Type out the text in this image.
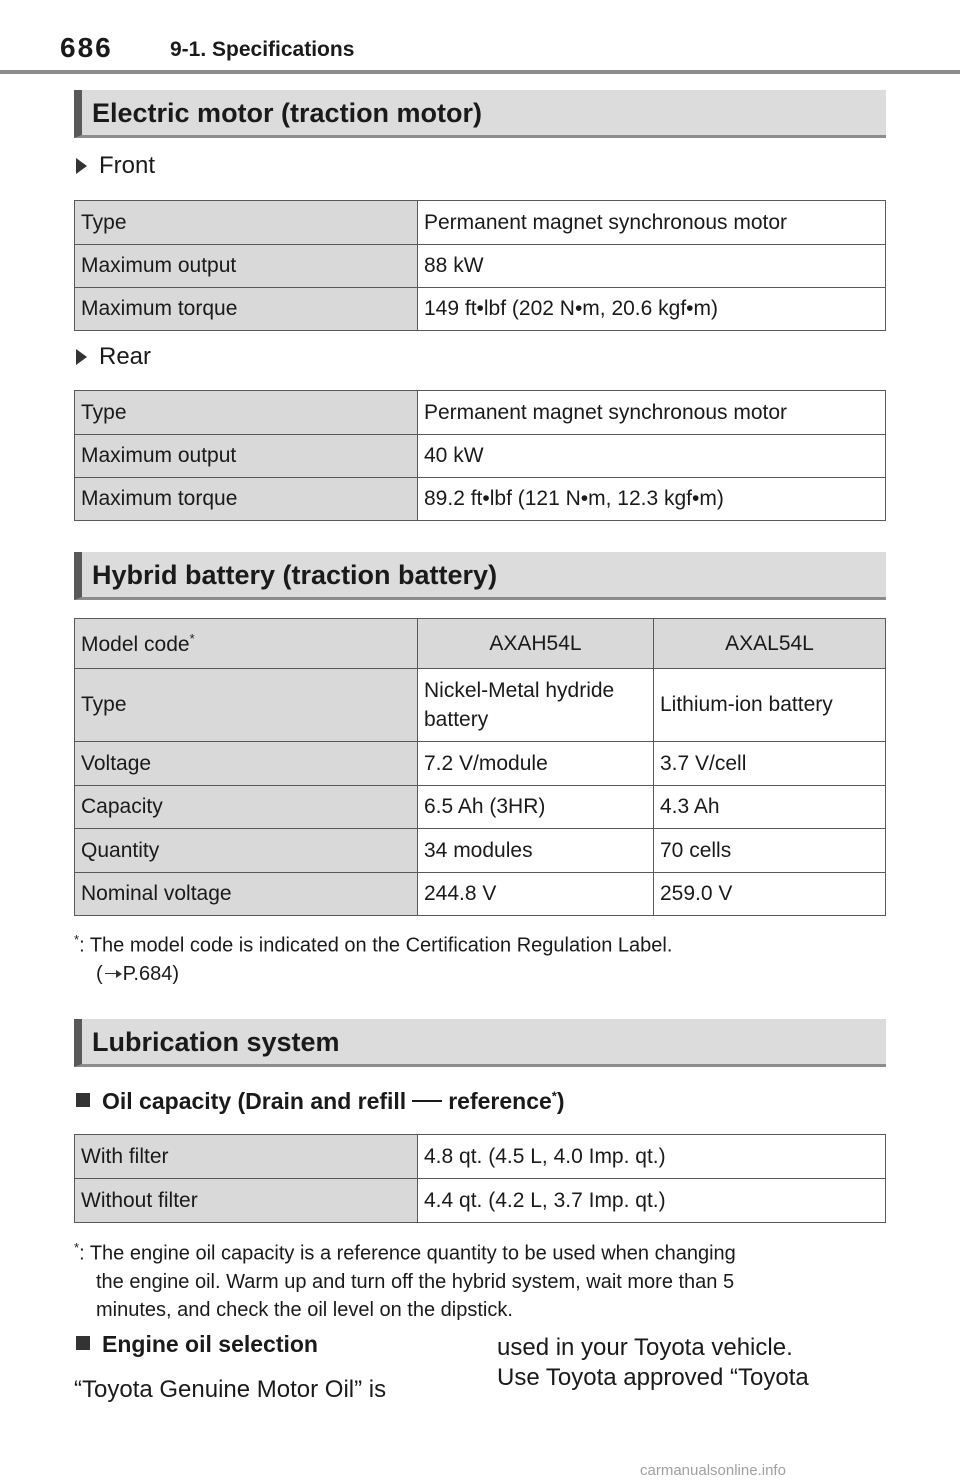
686	9-1. Specifications
Electric motor (traction motor)
Front
Type	Permanent magnet synchronous motor
Maximum output	88 kW
Maximum torque	149 ft•lbf (202 N•m, 20.6 kgf•m)
Rear
Type	Permanent magnet synchronous motor
Maximum output	40 kW
Maximum torque	89.2 ft•lbf (121 N•m, 12.3 kgf•m)
Hybrid battery (traction battery)
Model code*	AXAH54L	AXAL54L
Type	Nickel-Metal hydride battery	Lithium-ion battery
Voltage	7.2 V/module	3.7 V/cell
Capacity	6.5 Ah (3HR)	4.3 Ah
Quantity	34 modules	70 cells
Nominal voltage	244.8 V	259.0 V
*: The model code is indicated on the Certification Regulation Label.
( P.684)
Lubrication system
Oil capacity (Drain and refill reference*)
With filter	4.8 qt. (4.5 L, 4.0 Imp. qt.)
Without filter	4.4 qt. (4.2 L, 3.7 Imp. qt.)
*: The engine oil capacity is a reference quantity to be used when changing
the engine oil. Warm up and turn off the hybrid system, wait more than 5
minutes, and check the oil level on the dipstick.
Engine oil selection
“Toyota Genuine Motor Oil” is
used in your Toyota vehicle.
Use Toyota approved “Toyota
carmanualsonline.info
